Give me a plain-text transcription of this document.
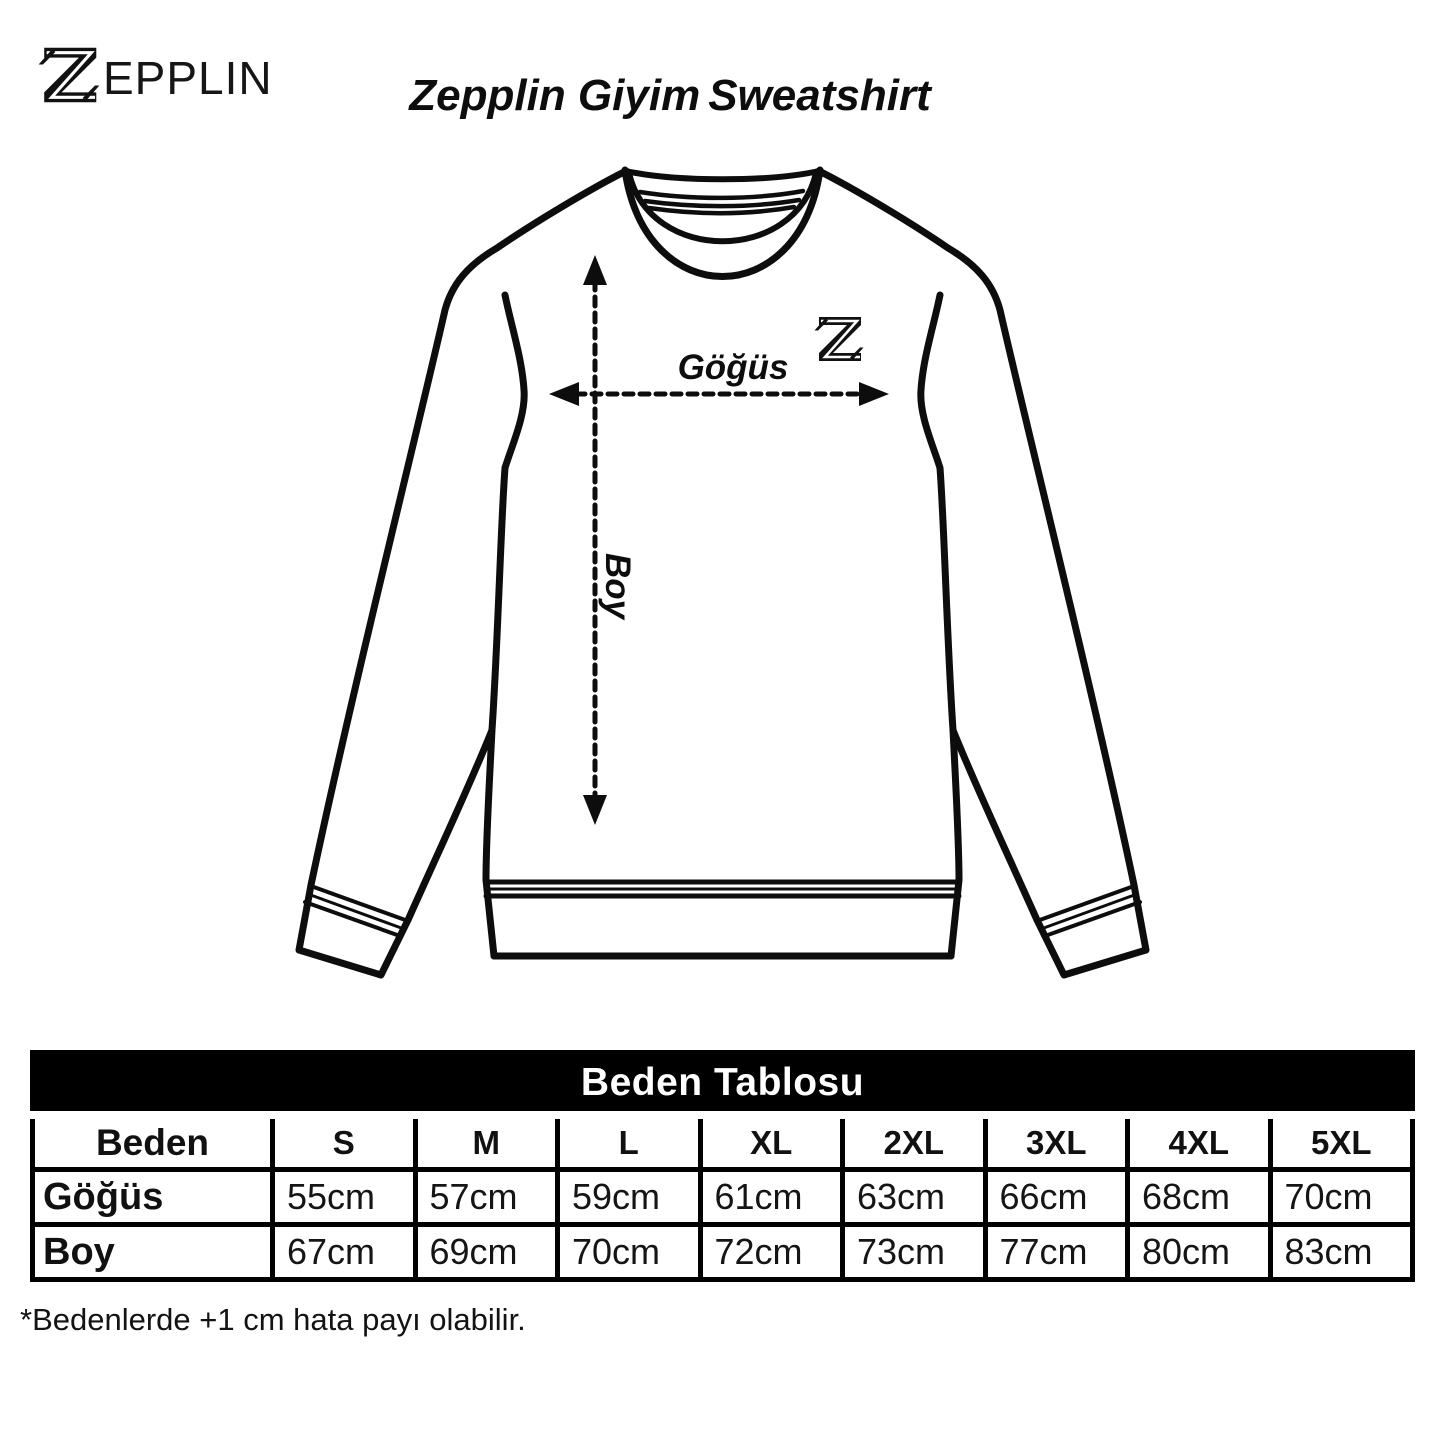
EPPLIN	Zepplin Giyim Sweatshirt
Göğüs
Boy
Beden Tablosu								
Beden	S	M	L	XL	2XL	3XL	4XL	5XL
Göğüs	55cm	57cm	59cm	61cm	63cm	66cm	68cm	70cm
Boy	67cm	69cm	70cm	72cm	73cm	77cm	80cm	83cm

*Bedenlerde +1 cm hata payı olabilir.
